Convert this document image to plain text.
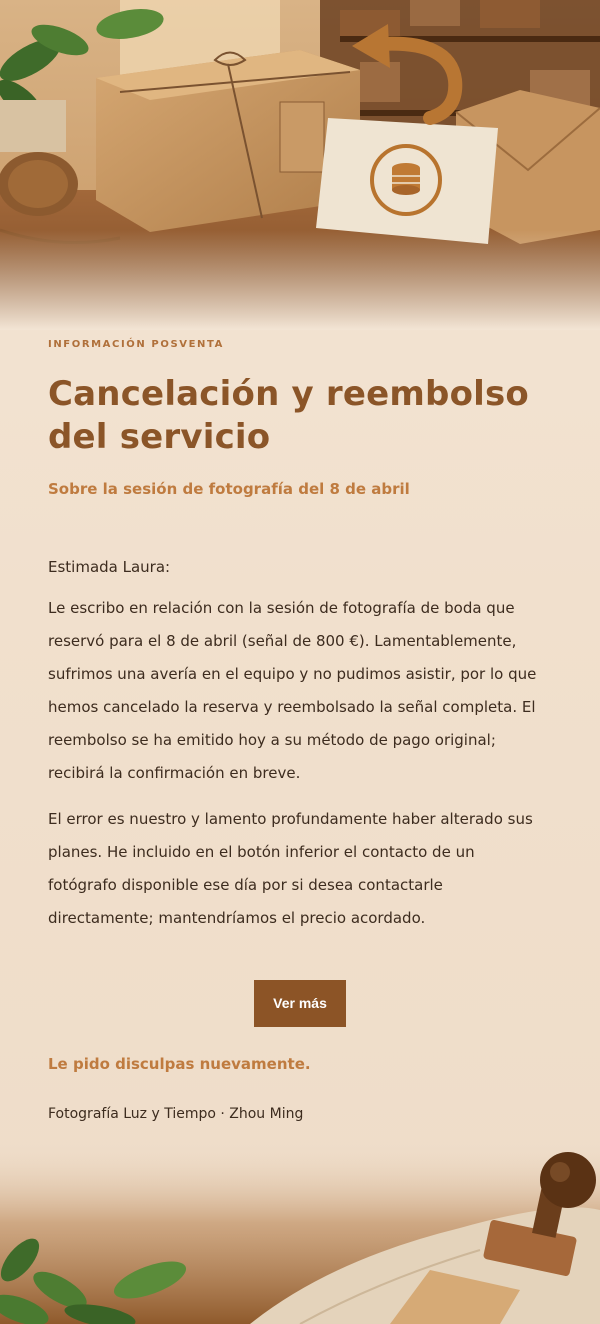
INFORMACIÓN POSVENTA

Cancelación y reembolso del servicio

Sobre la sesión de fotografía del 8 de abril

Estimada Laura:

Le escribo en relación con la sesión de fotografía de boda que reservó para el 8 de abril (señal de 800 €). Lamentablemente, sufrimos una avería en el equipo y no pudimos asistir, por lo que hemos cancelado la reserva y reembolsado la señal completa. El reembolso se ha emitido hoy a su método de pago original; recibirá la confirmación en breve.

El error es nuestro y lamento profundamente haber alterado sus planes. He incluido en el botón inferior el contacto de un fotógrafo disponible ese día por si desea contactarle directamente; mantendríamos el precio acordado.

Ver más

Le pido disculpas nuevamente.

Fotografía Luz y Tiempo · Zhou Ming
